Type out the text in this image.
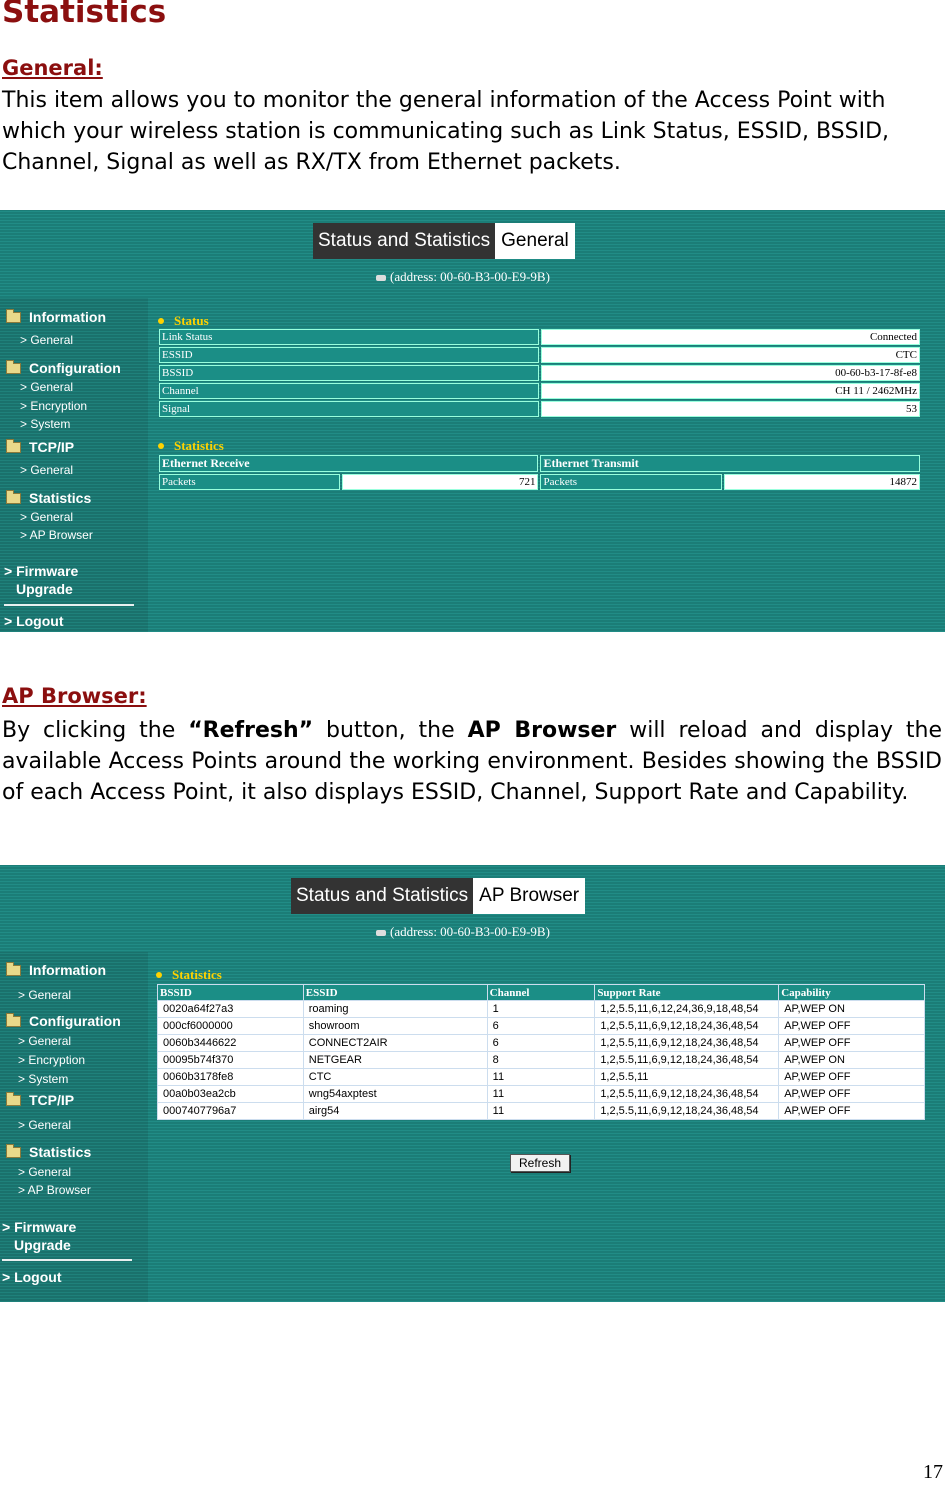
Statistics
General:
This item allows you to monitor the general information of the Access Point with which your wireless station is communicating such as Link Status, ESSID, BSSID, Channel, Signal as well as RX/TX from Ethernet packets.
Status and Statistics General
(address: 00-60-B3-00-E9-9B)
Information
> General
Configuration
> General
> Encryption
> System
TCP/IP
> General
Statistics
> General
> AP Browser
> Firmware
Upgrade
> Logout
Status
Link Status	Connected
ESSID	CTC
BSSID	00-60-b3-17-8f-e8
Channel	CH 11 / 2462MHz
Signal	53
Statistics
Ethernet Receive		Ethernet Transmit	
Packets	721	Packets	14872
AP Browser:
By clicking the “Refresh” button, the AP Browser will reload and display the available Access Points around the working environment. Besides showing the BSSID of each Access Point, it also displays ESSID, Channel, Support Rate and Capability.
Status and Statistics AP Browser
(address: 00-60-B3-00-E9-9B)
Information
> General
Configuration
> General
> Encryption
> System
TCP/IP
> General
Statistics
> General
> AP Browser
> Firmware
Upgrade
> Logout
Statistics
BSSID	ESSID	Channel	Support Rate	Capability
0020a64f27a3	roaming	1	1,2,5.5,11,6,12,24,36,9,18,48,54	AP,WEP ON
000cf6000000	showroom	6	1,2,5.5,11,6,9,12,18,24,36,48,54	AP,WEP OFF
0060b3446622	CONNECT2AIR	6	1,2,5.5,11,6,9,12,18,24,36,48,54	AP,WEP OFF
00095b74f370	NETGEAR	8	1,2,5.5,11,6,9,12,18,24,36,48,54	AP,WEP ON
0060b3178fe8	CTC	11	1,2,5.5,11	AP,WEP OFF
00a0b03ea2cb	wng54axptest	11	1,2,5.5,11,6,9,12,18,24,36,48,54	AP,WEP OFF
0007407796a7	airg54	11	1,2,5.5,11,6,9,12,18,24,36,48,54	AP,WEP OFF
Refresh
17
